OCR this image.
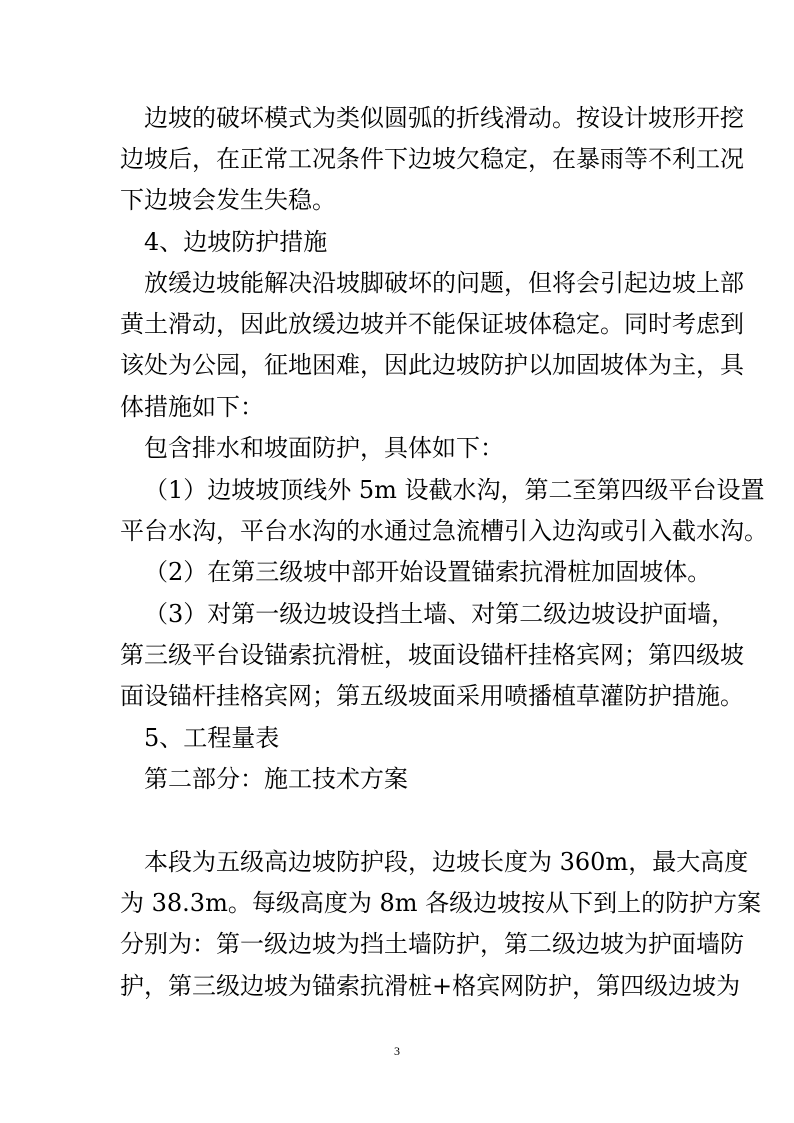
边坡的破坏模式为类似圆弧的折线滑动。按设计坡形开挖
边坡后，在正常工况条件下边坡欠稳定，在暴雨等不利工况
下边坡会发生失稳。
4、边坡防护措施
放缓边坡能解决沿坡脚破坏的问题，但将会引起边坡上部
黄土滑动，因此放缓边坡并不能保证坡体稳定。同时考虑到
该处为公园，征地困难，因此边坡防护以加固坡体为主，具
体措施如下：
包含排水和坡面防护，具体如下：
（1）边坡坡顶线外 5m 设截水沟，第二至第四级平台设置
平台水沟，平台水沟的水通过急流槽引入边沟或引入截水沟。
（2）在第三级坡中部开始设置锚索抗滑桩加固坡体。
（3）对第一级边坡设挡土墙、对第二级边坡设护面墙，
第三级平台设锚索抗滑桩，坡面设锚杆挂格宾网；第四级坡
面设锚杆挂格宾网；第五级坡面采用喷播植草灌防护措施。
5、工程量表
第二部分：施工技术方案
本段为五级高边坡防护段，边坡长度为 360m，最大高度
为 38.3m。每级高度为 8m 各级边坡按从下到上的防护方案
分别为：第一级边坡为挡土墙防护，第二级边坡为护面墙防
护，第三级边坡为锚索抗滑桩+格宾网防护，第四级边坡为
3
